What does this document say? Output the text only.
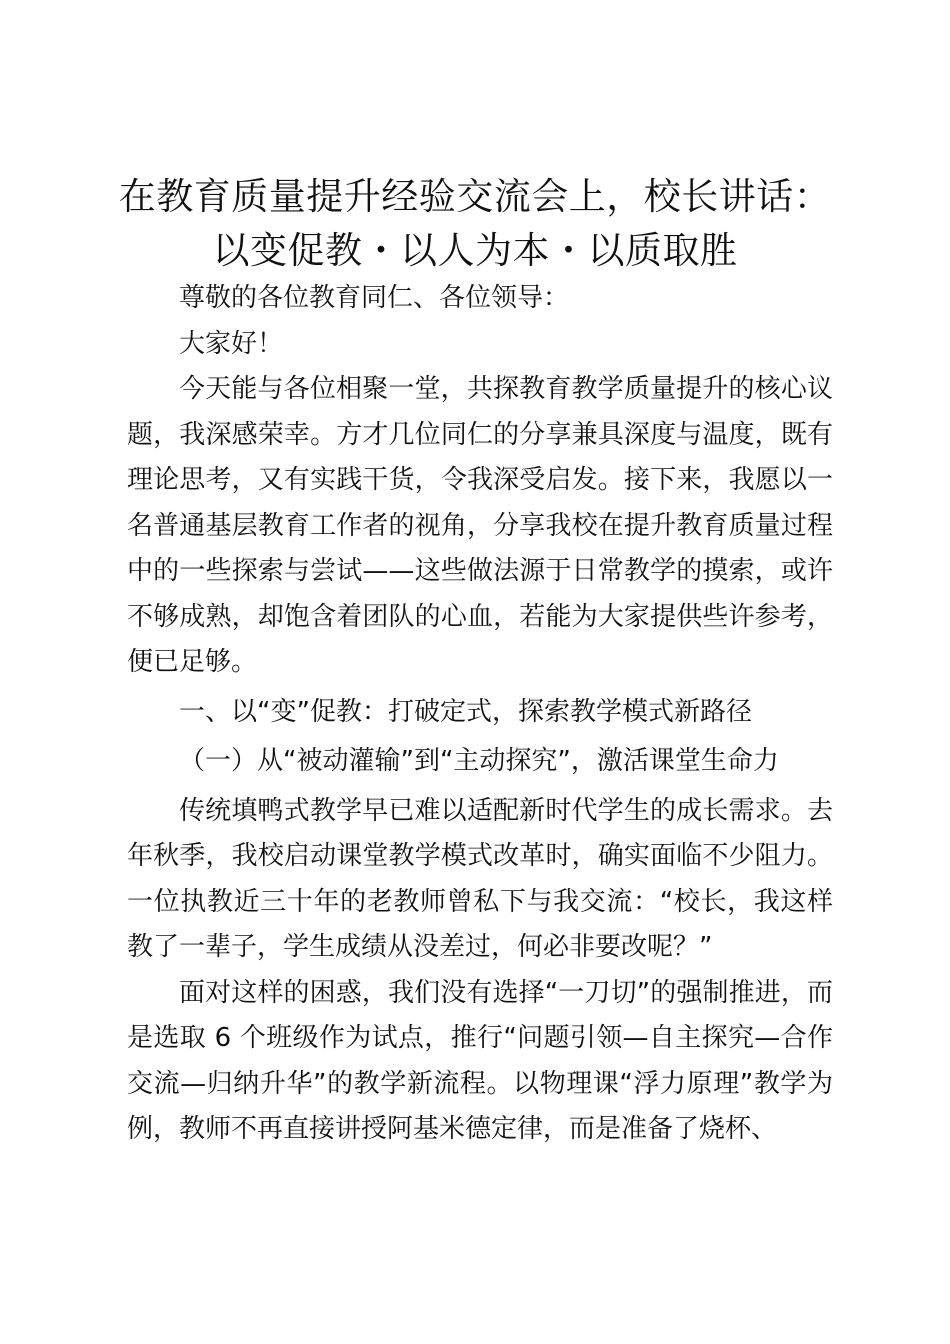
在教育质量提升经验交流会上，校长讲话：以变促教・以人为本・以质取胜

尊敬的各位教育同仁、各位领导：

大家好！

今天能与各位相聚一堂，共探教育教学质量提升的核心议题，我深感荣幸。方才几位同仁的分享兼具深度与温度，既有理论思考，又有实践干货，令我深受启发。接下来，我愿以一名普通基层教育工作者的视角，分享我校在提升教育质量过程中的一些探索与尝试——这些做法源于日常教学的摸索，或许不够成熟，却饱含着团队的心血，若能为大家提供些许参考，便已足够。

一、以“变”促教：打破定式，探索教学模式新路径

（一）从“被动灌输”到“主动探究”，激活课堂生命力

传统填鸭式教学早已难以适配新时代学生的成长需求。去年秋季，我校启动课堂教学模式改革时，确实面临不少阻力。一位执教近三十年的老教师曾私下与我交流：“校长，我这样教了一辈子，学生成绩从没差过，何必非要改呢？”

面对这样的困惑，我们没有选择“一刀切”的强制推进，而是选取 6 个班级作为试点，推行“问题引领—自主探究—合作交流—归纳升华”的教学新流程。以物理课“浮力原理”教学为例，教师不再直接讲授阿基米德定律，而是准备了烧杯、
